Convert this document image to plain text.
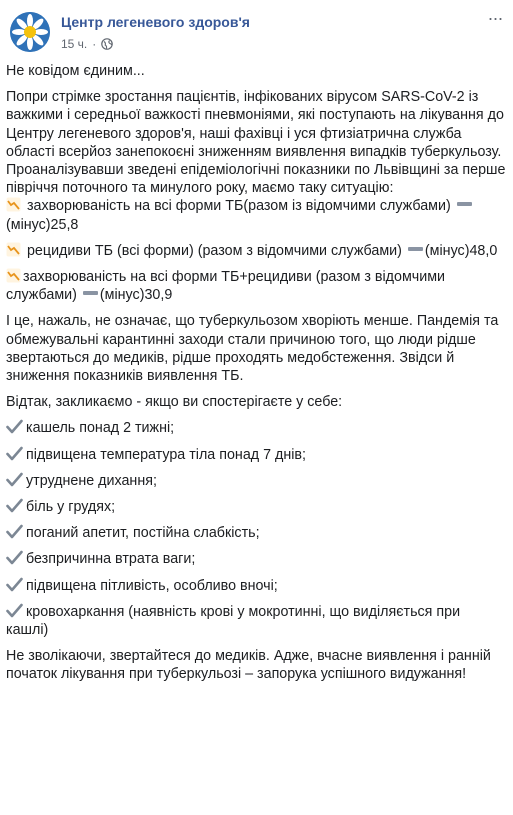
Центр легеневого здоров'я
15 ч. ·
···

Не ковідом єдиним...

Попри стрімке зростання пацієнтів, інфікованих вірусом SARS-CoV-2 із важкими і середньої важкості пневмоніями, які поступають на лікування до Центру легеневого здоров'я, наші фахівці і уся фтизіатрична служба області всерйоз занепокоєні зниженням виявлення випадків туберкульозу. Проаналізувавши зведені епідеміологічні показники по Львівщині за перше півріччя поточного та минулого року, маємо таку ситуацію:

захворюваність на всі форми ТБ(разом із відомчими службами) (мінус)25,8
рецидиви ТБ (всі форми) (разом з відомчими службами) (мінус)48,0
захворюваність на всі форми ТБ+рецидиви (разом з відомчими службами) (мінус)30,9

І це, нажаль, не означає, що туберкульозом хворіють менше. Пандемія та обмежувальні карантинні заходи стали причиною того, що люди рідше звертаються до медиків, рідше проходять медобстеження. Звідси й зниження показників виявлення ТБ.

Відтак, закликаємо - якщо ви спостерігаєте у себе:

кашель понад 2 тижні;
підвищена температура тіла понад 7 днів;
утруднене дихання;
біль у грудях;
поганий апетит, постійна слабкість;
безпричинна втрата ваги;
підвищена пітливість, особливо вночі;
кровохаркання (наявність крові у мокротинні, що виділяється при кашлі)

Не зволікаючи, звертайтеся до медиків. Адже, вчасне виявлення і ранній початок лікування при туберкульозі – запорука успішного видужання!
